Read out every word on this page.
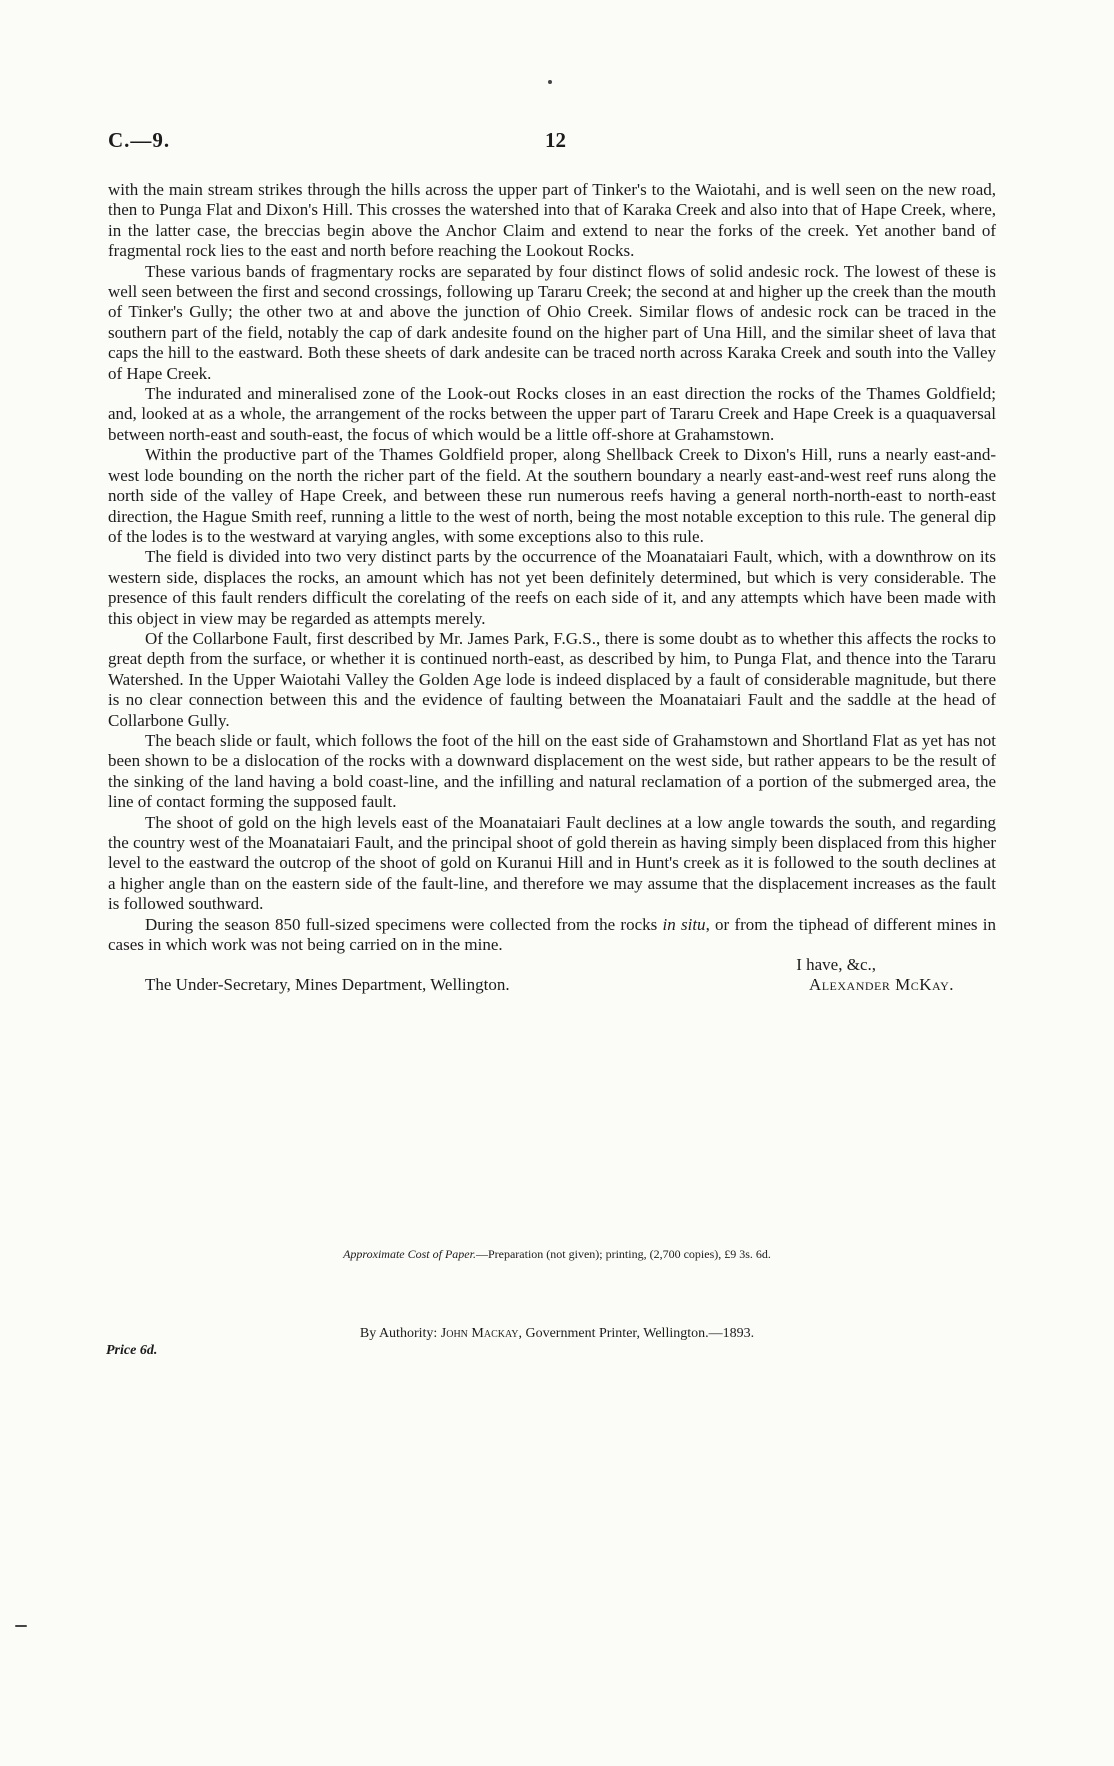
C.—9.	12

with the main stream strikes through the hills across the upper part of Tinker's to the Waiotahi, and is well seen on the new road, then to Punga Flat and Dixon's Hill. This crosses the watershed into that of Karaka Creek and also into that of Hape Creek, where, in the latter case, the breccias begin above the Anchor Claim and extend to near the forks of the creek. Yet another band of fragmental rock lies to the east and north before reaching the Lookout Rocks.

These various bands of fragmentary rocks are separated by four distinct flows of solid andesic rock. The lowest of these is well seen between the first and second crossings, following up Tararu Creek; the second at and higher up the creek than the mouth of Tinker's Gully; the other two at and above the junction of Ohio Creek. Similar flows of andesic rock can be traced in the southern part of the field, notably the cap of dark andesite found on the higher part of Una Hill, and the similar sheet of lava that caps the hill to the eastward. Both these sheets of dark andesite can be traced north across Karaka Creek and south into the Valley of Hape Creek.

The indurated and mineralised zone of the Look-out Rocks closes in an east direction the rocks of the Thames Goldfield; and, looked at as a whole, the arrangement of the rocks between the upper part of Tararu Creek and Hape Creek is a quaquaversal between north-east and south-east, the focus of which would be a little off-shore at Grahamstown.

Within the productive part of the Thames Goldfield proper, along Shellback Creek to Dixon's Hill, runs a nearly east-and-west lode bounding on the north the richer part of the field. At the southern boundary a nearly east-and-west reef runs along the north side of the valley of Hape Creek, and between these run numerous reefs having a general north-north-east to north-east direction, the Hague Smith reef, running a little to the west of north, being the most notable exception to this rule. The general dip of the lodes is to the westward at varying angles, with some exceptions also to this rule.

The field is divided into two very distinct parts by the occurrence of the Moanataiari Fault, which, with a downthrow on its western side, displaces the rocks, an amount which has not yet been definitely determined, but which is very considerable. The presence of this fault renders difficult the corelating of the reefs on each side of it, and any attempts which have been made with this object in view may be regarded as attempts merely.

Of the Collarbone Fault, first described by Mr. James Park, F.G.S., there is some doubt as to whether this affects the rocks to great depth from the surface, or whether it is continued north-east, as described by him, to Punga Flat, and thence into the Tararu Watershed. In the Upper Waiotahi Valley the Golden Age lode is indeed displaced by a fault of considerable magnitude, but there is no clear connection between this and the evidence of faulting between the Moanataiari Fault and the saddle at the head of Collarbone Gully.

The beach slide or fault, which follows the foot of the hill on the east side of Grahamstown and Shortland Flat as yet has not been shown to be a dislocation of the rocks with a downward displacement on the west side, but rather appears to be the result of the sinking of the land having a bold coast-line, and the infilling and natural reclamation of a portion of the submerged area, the line of contact forming the supposed fault.

The shoot of gold on the high levels east of the Moanataiari Fault declines at a low angle towards the south, and regarding the country west of the Moanataiari Fault, and the principal shoot of gold therein as having simply been displaced from this higher level to the eastward the outcrop of the shoot of gold on Kuranui Hill and in Hunt's creek as it is followed to the south declines at a higher angle than on the eastern side of the fault-line, and therefore we may assume that the displacement increases as the fault is followed southward.

During the season 850 full-sized specimens were collected from the rocks in situ, or from the tiphead of different mines in cases in which work was not being carried on in the mine.

I have, &c.,
The Under-Secretary, Mines Department, Wellington.	Alexander McKay.
Approximate Cost of Paper.—Preparation (not given); printing, (2,700 copies), £9 3s. 6d.
Price 6d.
By Authority: John Mackay, Government Printer, Wellington.—1893.
